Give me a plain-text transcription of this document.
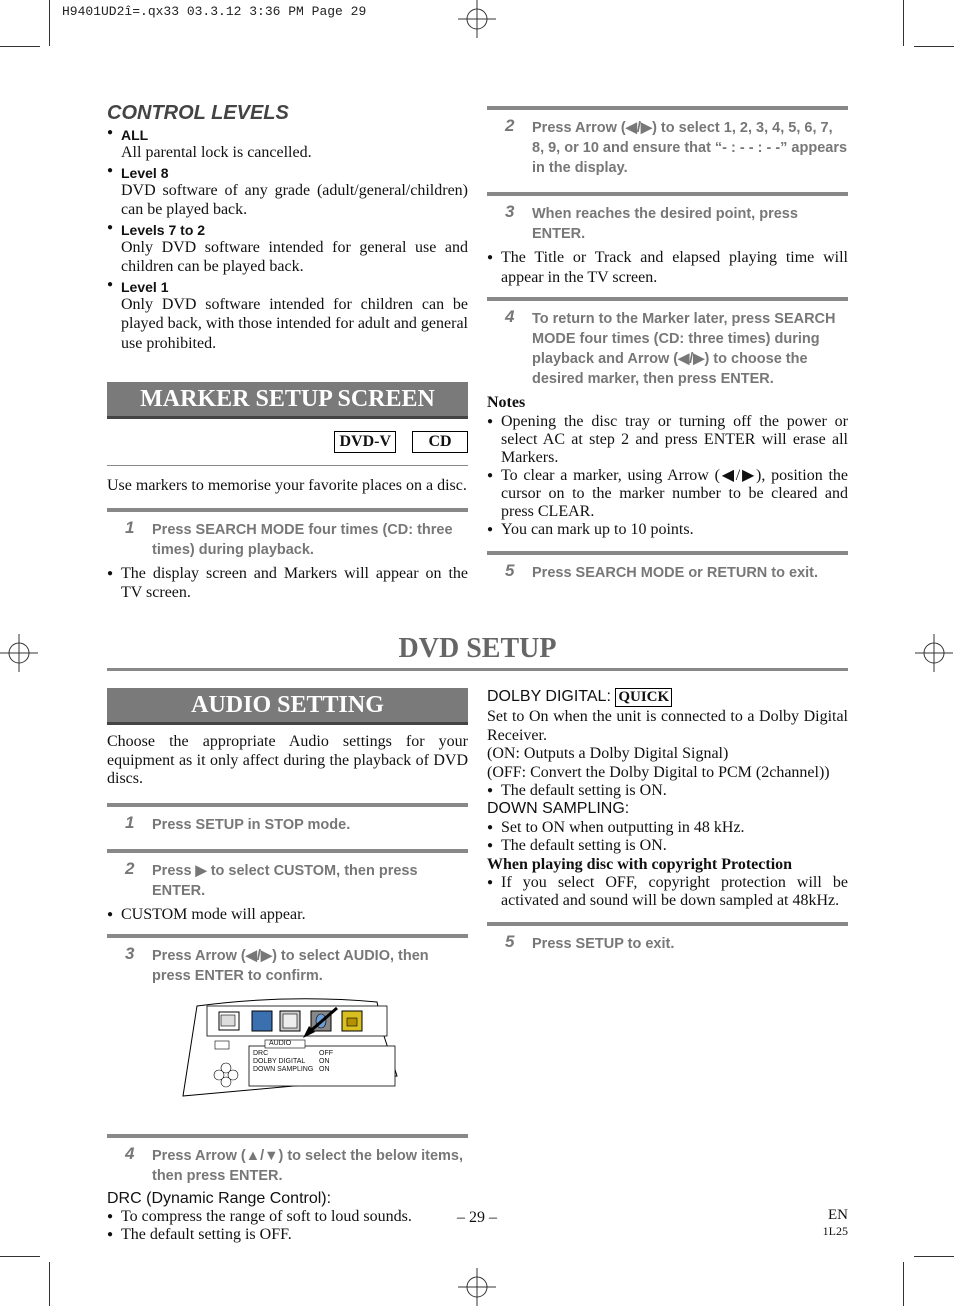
H9401UD2î=.qx33 03.3.12 3:36 PM Page 29
CONTROL LEVELS
● ALL
All parental lock is cancelled.
● Level 8
DVD software of any grade (adult/general/children) can be played back.
● Levels 7 to 2
Only DVD software intended for general use and children can be played back.
● Level 1
Only DVD software intended for children can be played back, with those intended for adult and general use prohibited.
MARKER SETUP SCREEN
DVD-V CD
Use markers to memorise your favorite places on a disc.
1 Press SEARCH MODE four times (CD: three times) during playback.
● The display screen and Markers will appear on the TV screen.
2 Press Arrow (◀/▶) to select 1, 2, 3, 4, 5, 6, 7, 8, 9, or 10 and ensure that “- : - - : - -” appears in the display.
3 When reaches the desired point, press ENTER.
● The Title or Track and elapsed playing time will appear in the TV screen.
4 To return to the Marker later, press SEARCH MODE four times (CD: three times) during playback and Arrow (◀/▶) to choose the desired marker, then press ENTER.
Notes
● Opening the disc tray or turning off the power or select AC at step 2 and press ENTER will erase all Markers.
● To clear a marker, using Arrow (◀/▶), position the cursor on to the marker number to be cleared and press CLEAR.
● You can mark up to 10 points.
5 Press SEARCH MODE or RETURN to exit.
DVD SETUP
AUDIO SETTING
Choose the appropriate Audio settings for your equipment as it only affect during the playback of DVD discs.
1 Press SETUP in STOP mode.
2 Press ▶ to select CUSTOM, then press ENTER.
● CUSTOM mode will appear.
3 Press Arrow (◀/▶) to select AUDIO, then press ENTER to confirm.
AUDIO
DRC
DOLBY DIGITAL
DOWN SAMPLING
OFF
ON
ON
4 Press Arrow (▲/▼) to select the below items, then press ENTER.
DRC (Dynamic Range Control):
● To compress the range of soft to loud sounds.
● The default setting is OFF.
DOLBY DIGITAL: QUICK
Set to On when the unit is connected to a Dolby Digital Receiver.
(ON: Outputs a Dolby Digital Signal)
(OFF: Convert the Dolby Digital to PCM (2channel))
● The default setting is ON.
DOWN SAMPLING:
● Set to ON when outputting in 48 kHz.
● The default setting is ON.
When playing disc with copyright Protection
● If you select OFF, copyright protection will be activated and sound will be down sampled at 48kHz.
5 Press SETUP to exit.
– 29 –	EN
1L25
